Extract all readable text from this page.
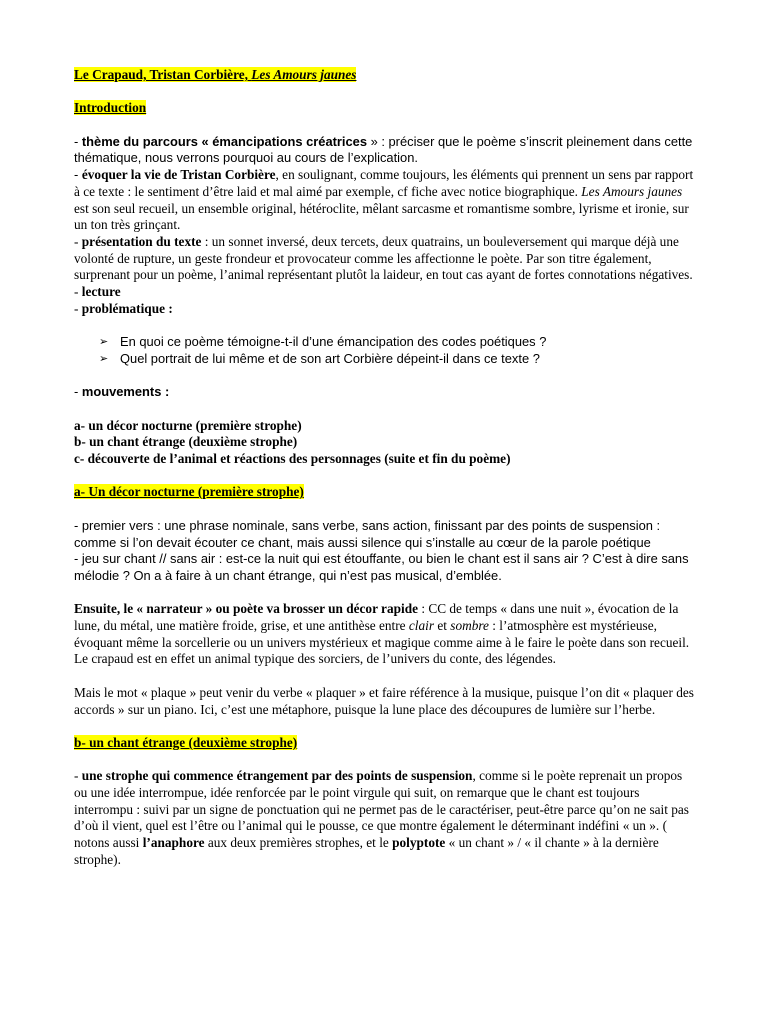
Le Crapaud, Tristan Corbière, Les Amours jaunes

Introduction

- thème du parcours « émancipations créatrices » : préciser que le poème s’inscrit pleinement dans cette thématique, nous verrons pourquoi au cours de l’explication.

- évoquer la vie de Tristan Corbière, en soulignant, comme toujours, les éléments qui prennent un sens par rapport à ce texte : le sentiment d’être laid et mal aimé par exemple, cf fiche avec notice biographique. Les Amours jaunes est son seul recueil, un ensemble original, hétéroclite, mêlant sarcasme et romantisme sombre, lyrisme et ironie, sur un ton très grinçant.

- présentation du texte : un sonnet inversé, deux tercets, deux quatrains, un bouleversement qui marque déjà une volonté de rupture, un geste frondeur et provocateur comme les affectionne le poète. Par son titre également, surprenant pour un poème, l’animal représentant plutôt la laideur, en tout cas ayant de fortes connotations négatives.

- lecture

- problématique :

➢ En quoi ce poème témoigne-t-il d’une émancipation des codes poétiques ?
➢ Quel portrait de lui même et de son art Corbière dépeint-il dans ce texte ?

- mouvements :

a- un décor nocturne (première strophe)

b- un chant étrange (deuxième strophe)

c- découverte de l’animal et réactions des personnages (suite et fin du poème)

a- Un décor nocturne (première strophe)

- premier vers : une phrase nominale, sans verbe, sans action, finissant par des points de suspension : comme si l’on devait écouter ce chant, mais aussi silence qui s’installe au cœur de la parole poétique

- jeu sur chant // sans air : est-ce la nuit qui est étouffante, ou bien le chant est il sans air ? C’est à dire sans mélodie ? On a à faire à un chant étrange, qui n’est pas musical, d’emblée.

Ensuite, le « narrateur » ou poète va brosser un décor rapide : CC de temps « dans une nuit », évocation de la lune, du métal, une matière froide, grise, et une antithèse entre clair et sombre : l’atmosphère est mystérieuse, évoquant même la sorcellerie ou un univers mystérieux et magique comme aime à le faire le poète dans son recueil. Le crapaud est en effet un animal typique des sorciers, de l’univers du conte, des légendes.

Mais le mot « plaque » peut venir du verbe « plaquer » et faire référence à la musique, puisque l’on dit « plaquer des accords » sur un piano. Ici, c’est une métaphore, puisque la lune place des découpures de lumière sur l’herbe.

b- un chant étrange (deuxième strophe)

- une strophe qui commence étrangement par des points de suspension, comme si le poète reprenait un propos ou une idée interrompue, idée renforcée par le point virgule qui suit, on remarque que le chant est toujours interrompu : suivi par un signe de ponctuation qui ne permet pas de le caractériser, peut-être parce qu’on ne sait pas d’où il vient, quel est l’être ou l’animal qui le pousse, ce que montre également le déterminant indéfini « un ». ( notons aussi l’anaphore aux deux premières strophes, et le polyptote « un chant » / « il chante » à la dernière strophe).
